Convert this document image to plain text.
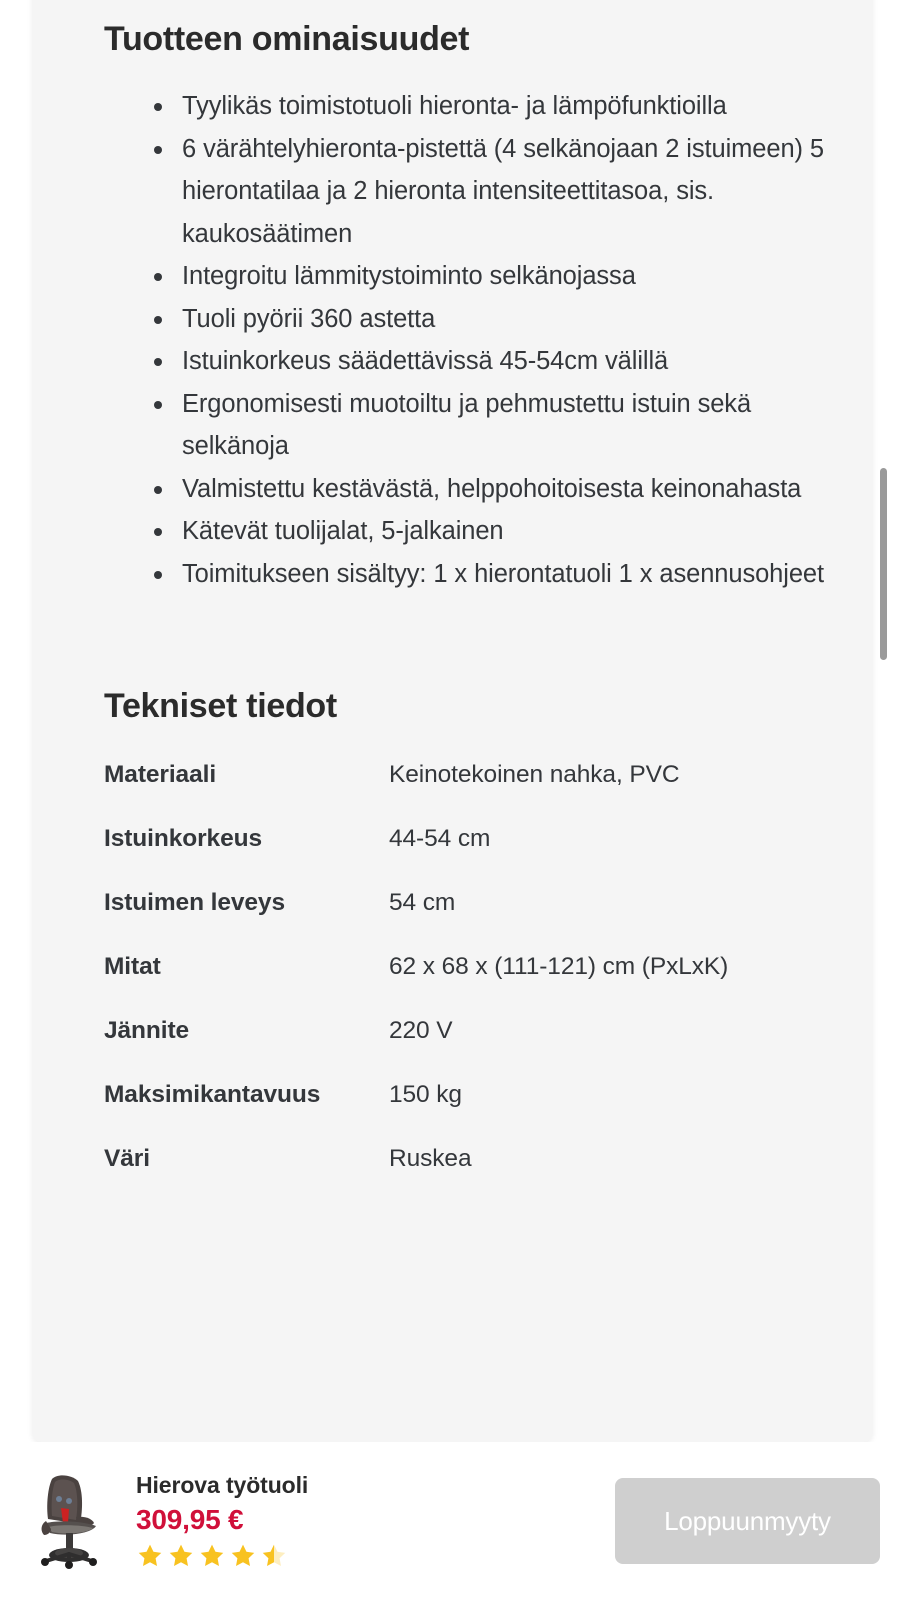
Tuotteen ominaisuudet
Tyylikäs toimistotuoli hieronta- ja lämpöfunktioilla
6 värähtelyhieronta-pistettä (4 selkänojaan 2 istuimeen) 5 hierontatilaa ja 2 hieronta intensiteettitasoa, sis. kaukosäätimen
Integroitu lämmitystoiminto selkänojassa
Tuoli pyörii 360 astetta
Istuinkorkeus säädettävissä 45-54cm välillä
Ergonomisesti muotoiltu ja pehmustettu istuin sekä selkänoja
Valmistettu kestävästä, helppohoitoisesta keinonahasta
Kätevät tuolijalat, 5-jalkainen
Toimitukseen sisältyy: 1 x hierontatuoli 1 x asennusohjeet
Tekniset tiedot
Materiaali	Keinotekoinen nahka, PVC
Istuinkorkeus	44-54 cm
Istuimen leveys	54 cm
Mitat	62 x 68 x (111-121) cm (PxLxK)
Jännite	220 V
Maksimikantavuus	150 kg
Väri	Ruskea
Hierova työtuoli
309,95 €	Loppuunmyyty
